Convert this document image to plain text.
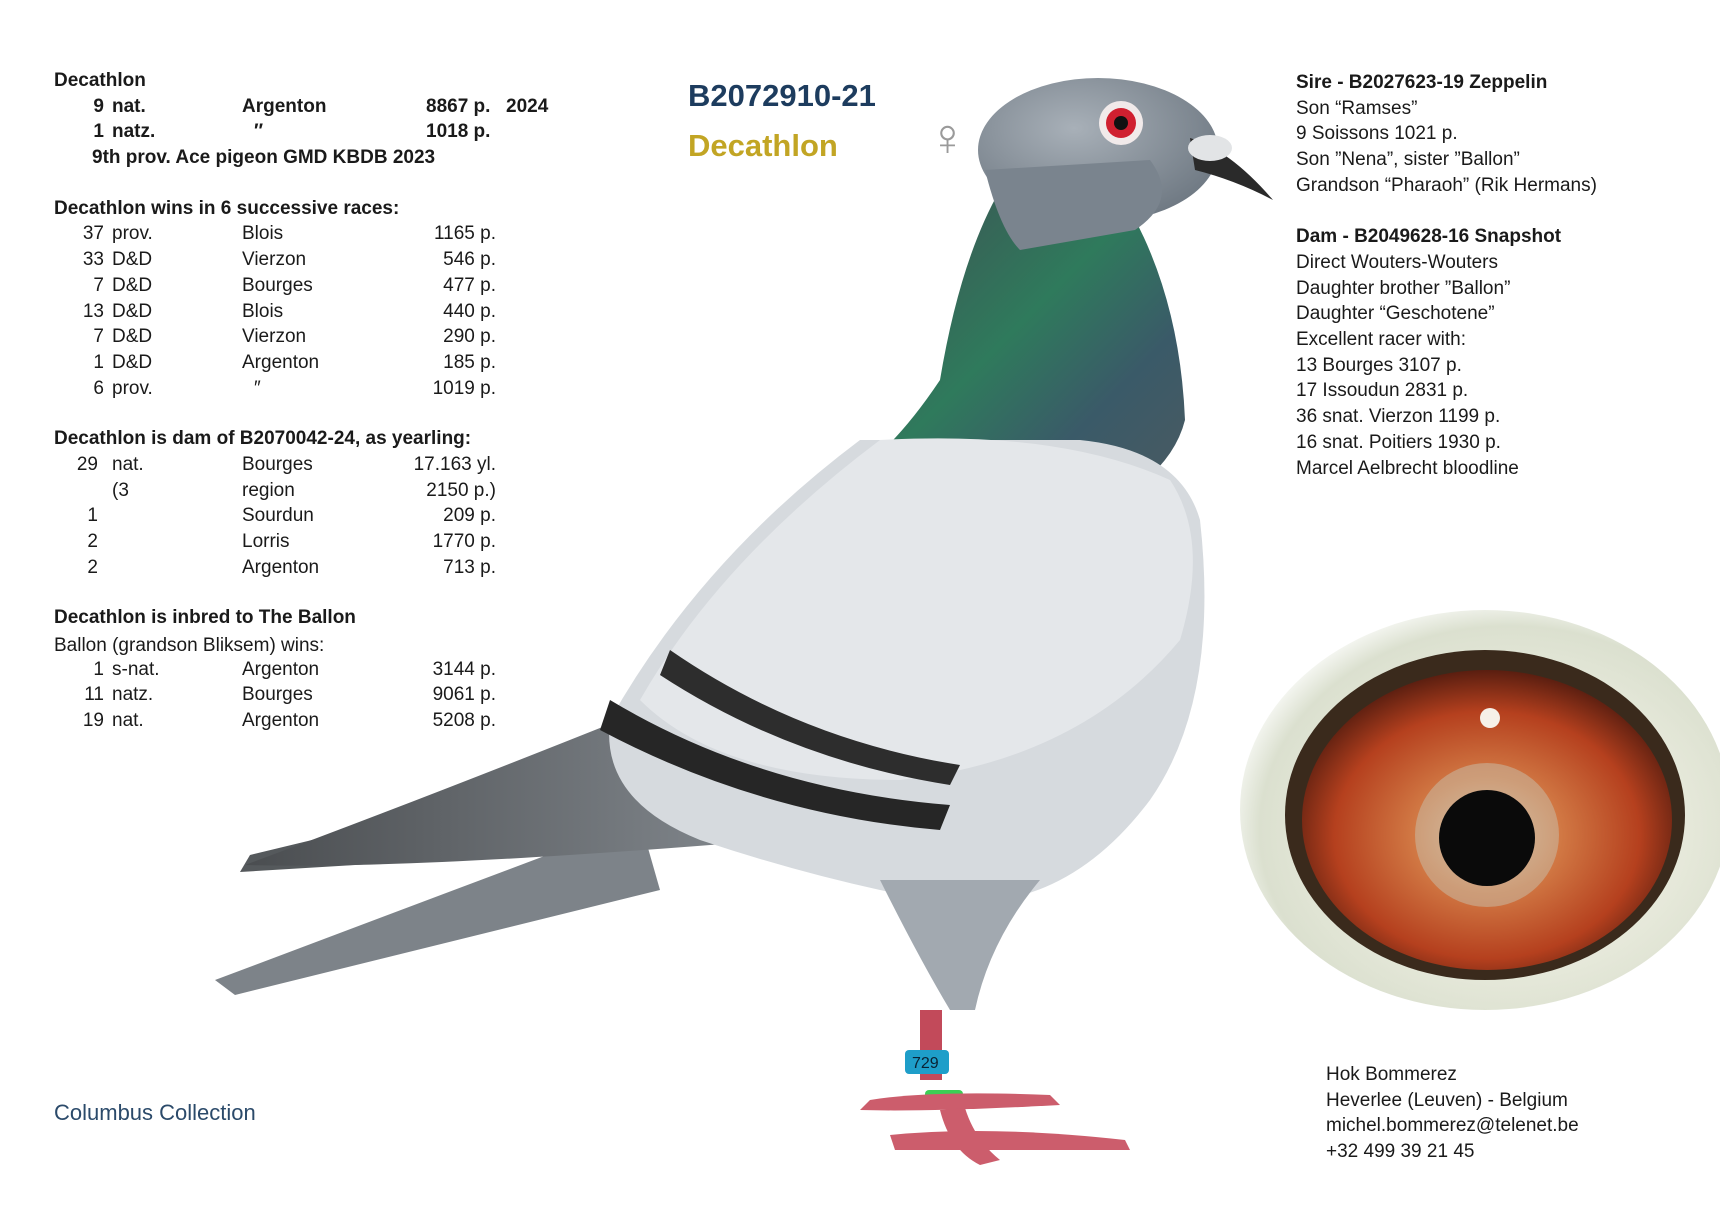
729
Decathlon
9 nat.	Argenton	8867 p. 2024
1 natz.	″	1018 p.
9th prov. Ace pigeon GMD KBDB 2023
Decathlon wins in 6 successive races:
37 prov.	Blois	1165 p.
33 D&D	Vierzon	546 p.
7 D&D	Bourges	477 p.
13 D&D	Blois	440 p.
7 D&D	Vierzon	290 p.
1 D&D	Argenton	185 p.
6 prov.	″	1019 p.
Decathlon is dam of B2070042-24, as yearling:
29 nat.	Bourges	17.163 yl.
(3	region	2150 p.)
1	Sourdun	209 p.
2	Lorris	1770 p.
2	Argenton	713 p.
Decathlon is inbred to The Ballon
Ballon (grandson Bliksem) wins:
1 s-nat.	Argenton	3144 p.
11 natz.	Bourges	9061 p.
19 nat.	Argenton	5208 p.
Columbus Collection
B2072910-21
Decathlon ♀
Sire - B2027623-19 Zeppelin
Son “Ramses”
9 Soissons 1021 p.
Son ”Nena”, sister ”Ballon”
Grandson “Pharaoh” (Rik Hermans)
Dam - B2049628-16 Snapshot
Direct Wouters-Wouters
Daughter brother ”Ballon”
Daughter “Geschotene”
Excellent racer with:
13 Bourges 3107 p.
17 Issoudun 2831 p.
36 snat. Vierzon 1199 p.
16 snat. Poitiers 1930 p.
Marcel Aelbrecht bloodline
Hok Bommerez
Heverlee (Leuven) - Belgium
michel.bommerez@telenet.be
+32 499 39 21 45
